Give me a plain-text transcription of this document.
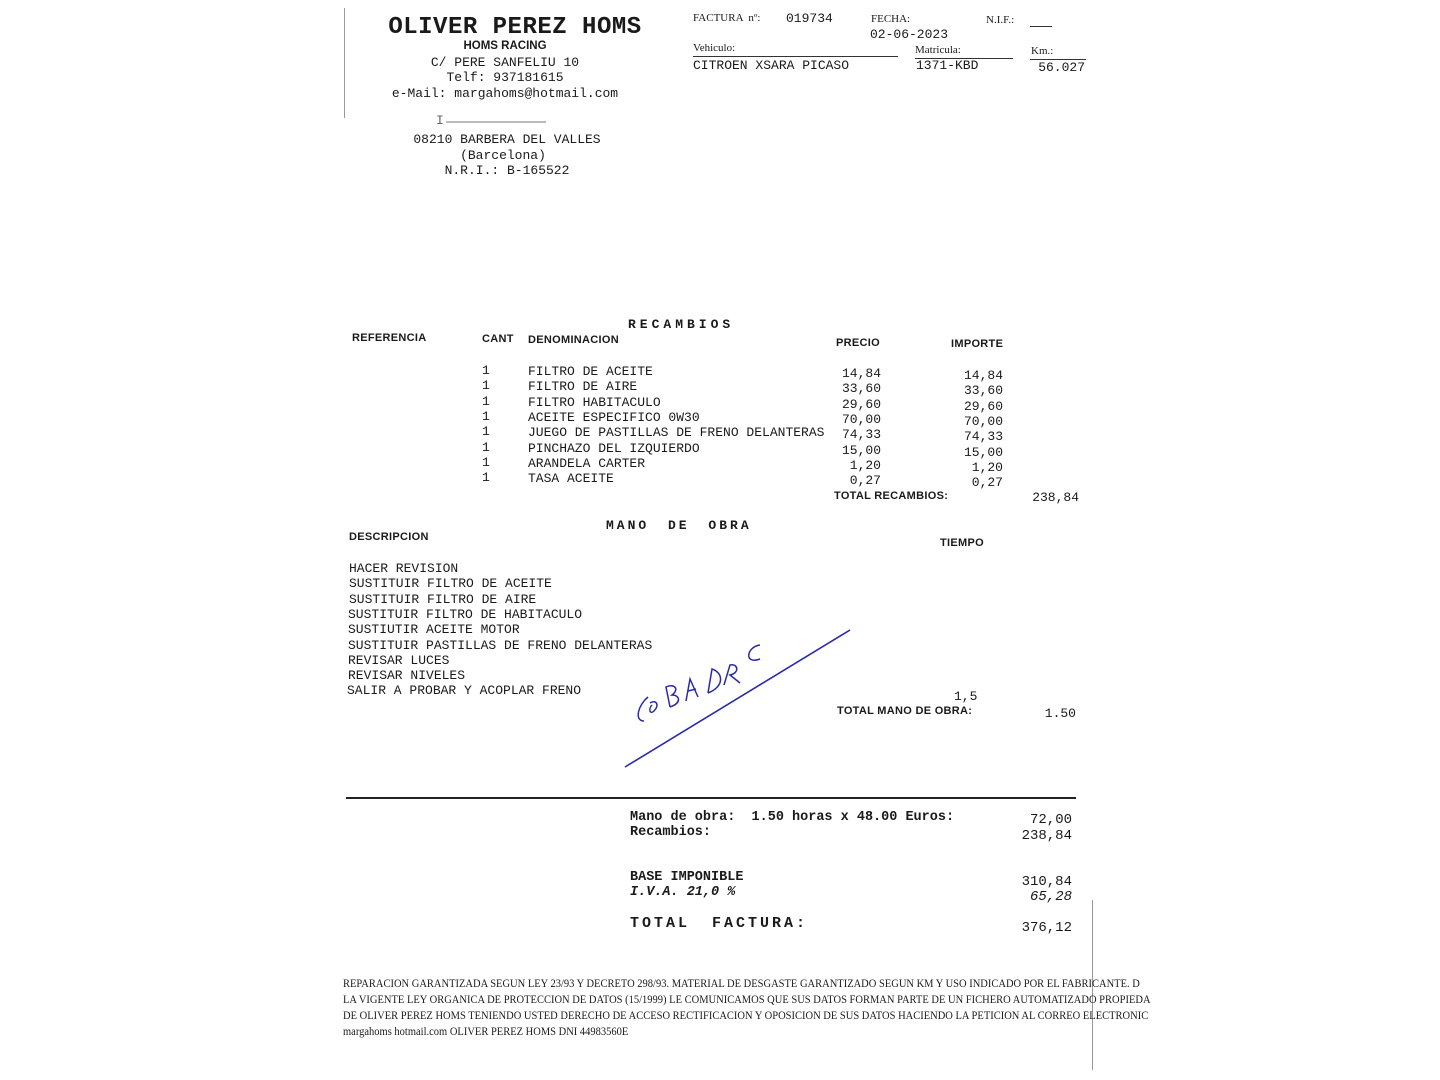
OLIVER PEREZ HOMS
HOMS RACING
C/ PERE SANFELIU 10
Telf: 937181615
e-Mail: margahoms@hotmail.com
I
08210 BARBERA DEL VALLES
(Barcelona)
N.R.I.: B-165522
FACTURA  nº: 019734	FECHA:
02-06-2023
N.I.F.:
Vehiculo:
CITROEN XSARA PICASO
Matricula:
1371-KBD
Km.:
56.027
RECAMBIOS
REFERENCIA	CANT DENOMINACION	PRECIO	IMPORTE
1	FILTRO DE ACEITE	14,84	14,84
1	FILTRO DE AIRE	33,60	33,60
1	FILTRO HABITACULO	29,60	29,60
1	ACEITE ESPECIFICO 0W30	70,00	70,00
1	JUEGO DE PASTILLAS DE FRENO DELANTERAS	74,33	74,33
1	PINCHAZO DEL IZQUIERDO	15,00	15,00
1	ARANDELA CARTER	1,20	1,20
1	TASA ACEITE	0,27	0,27
TOTAL RECAMBIOS:	238,84
MANO DE OBRA
DESCRIPCION	TIEMPO
HACER REVISION
SUSTITUIR FILTRO DE ACEITE
SUSTITUIR FILTRO DE AIRE
SUSTITUIR FILTRO DE HABITACULO
SUSTIUTIR ACEITE MOTOR
SUSTITUIR PASTILLAS DE FRENO DELANTERAS
REVISAR LUCES
REVISAR NIVELES
SALIR A PROBAR Y ACOPLAR FRENO	1,5
TOTAL MANO DE OBRA:	1.50
Mano de obra:  1.50 horas x 48.00 Euros:	72,00
Recambios:	238,84
BASE IMPONIBLE	310,84
I.V.A. 21,0 %	65,28
TOTAL FACTURA:	376,12
REPARACION GARANTIZADA SEGUN LEY 23/93 Y DECRETO 298/93. MATERIAL DE DESGASTE GARANTIZADO SEGUN KM Y USO INDICADO POR EL FABRICANTE. D
LA VIGENTE LEY ORGANICA DE PROTECCION DE DATOS (15/1999) LE COMUNICAMOS QUE SUS DATOS FORMAN PARTE DE UN FICHERO AUTOMATIZADO PROPIEDA
DE OLIVER PEREZ HOMS TENIENDO USTED DERECHO DE ACCESO RECTIFICACION Y OPOSICION DE SUS DATOS HACIENDO LA PETICION AL CORREO ELECTRONIC
margahoms hotmail.com OLIVER PEREZ HOMS DNI 44983560E
